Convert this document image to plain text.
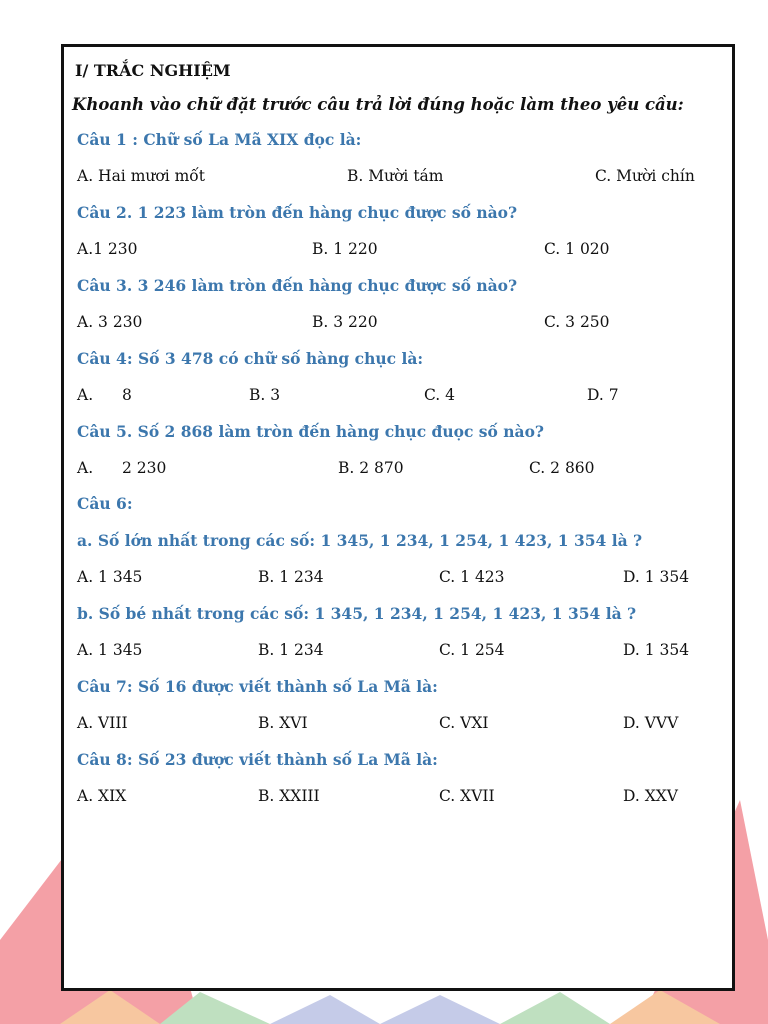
I/ TRẮC NGHIỆM
Khoanh vào chữ đặt trước câu trả lời đúng hoặc làm theo yêu cầu:
Câu 1 : Chữ số La Mã XIX đọc là:
A. Hai mươi mốt	B. Mười tám	C. Mười chín
Câu 2. 1 223 làm tròn đến hàng chục được số nào?
A.1 230	B. 1 220	C. 1 020
Câu 3. 3 246 làm tròn đến hàng chục được số nào?
A. 3 230	B. 3 220	C. 3 250
Câu 4: Số 3 478 có chữ số hàng chục là:
A. 8	B. 3	C. 4	D. 7
Câu 5. Số 2 868 làm tròn đến hàng chục đuọc số nào?
A. 2 230	B. 2 870	C. 2 860
Câu 6:
a. Số lớn nhất trong các số: 1 345, 1 234, 1 254, 1 423, 1 354 là ?
A. 1 345	B. 1 234	C. 1 423	D. 1 354
b. Số bé nhất trong các số: 1 345, 1 234, 1 254, 1 423, 1 354 là ?
A. 1 345	B. 1 234	C. 1 254	D. 1 354
Câu 7: Số 16 được viết thành số La Mã là:
A. VIII	B. XVI	C. VXI	D. VVV
Câu 8: Số 23 được viết thành số La Mã là:
A. XIX	B. XXIII	C. XVII	D. XXV
